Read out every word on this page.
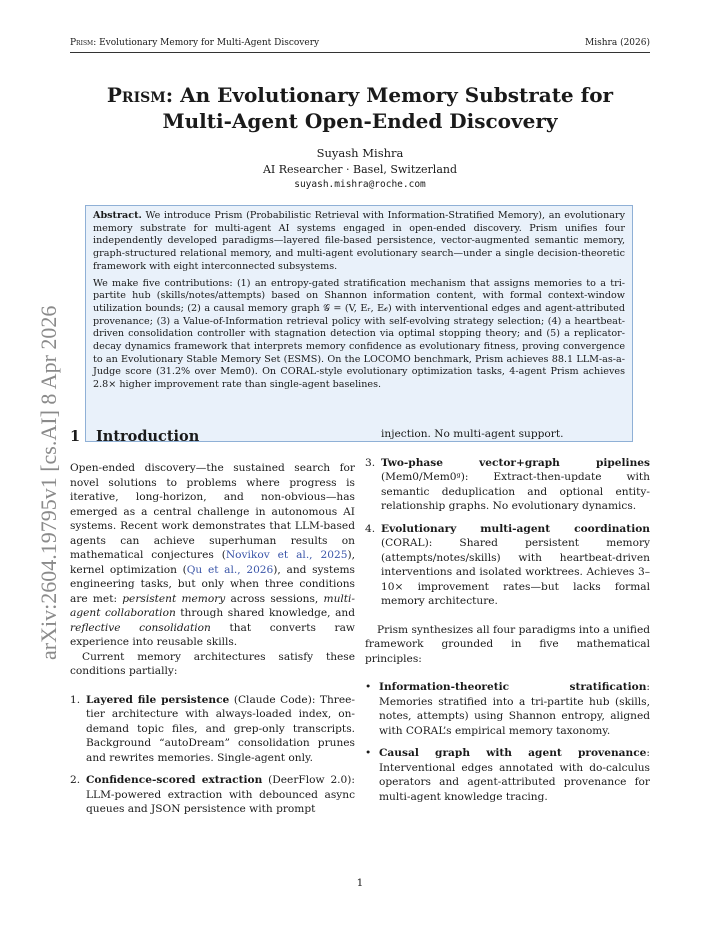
Prism: Evolutionary Memory for Multi-Agent Discovery	Mishra (2026)
Prism: An Evolutionary Memory Substrate for
Multi-Agent Open-Ended Discovery
Suyash Mishra
AI Researcher · Basel, Switzerland
suyash.mishra@roche.com

Abstract. We introduce Prism (Probabilistic Retrieval with Information-Stratified Memory), an evolutionary memory substrate for multi-agent AI systems engaged in open-ended discovery. Prism unifies four independently developed paradigms—layered file-based persistence, vector-augmented semantic memory, graph-structured relational memory, and multi-agent evolutionary search—under a single decision-theoretic framework with eight interconnected subsystems.

We make five contributions: (1) an entropy-gated stratification mechanism that assigns memories to a tri-partite hub (skills/notes/attempts) based on Shannon information content, with formal context-window utilization bounds; (2) a causal memory graph 𝒢 = (V, Eᵣ, E𝒸) with interventional edges and agent-attributed provenance; (3) a Value-of-Information retrieval policy with self-evolving strategy selection; (4) a heartbeat-driven consolidation controller with stagnation detection via optimal stopping theory; and (5) a replicator-decay dynamics framework that interprets memory confidence as evolutionary fitness, proving convergence to an Evolutionary Stable Memory Set (ESMS). On the LOCOMO benchmark, Prism achieves 88.1 LLM-as-a-Judge score (31.2% over Mem0). On CORAL-style evolutionary optimization tasks, 4-agent Prism achieves 2.8× higher improvement rate than single-agent baselines.

1 Introduction

Open-ended discovery—the sustained search for novel solutions to problems where progress is iterative, long-horizon, and non-obvious—has emerged as a central challenge in autonomous AI systems. Recent work demonstrates that LLM-based agents can achieve superhuman results on mathematical conjectures (Novikov et al., 2025), kernel optimization (Qu et al., 2026), and systems engineering tasks, but only when three conditions are met: persistent memory across sessions, multi-agent collaboration through shared knowledge, and reflective consolidation that converts raw experience into reusable skills.

Current memory architectures satisfy these conditions partially:

1. Layered file persistence (Claude Code): Three-tier architecture with always-loaded index, on-demand topic files, and grep-only transcripts. Background “autoDream” consolidation prunes and rewrites memories. Single-agent only.
2. Confidence-scored extraction (DeerFlow 2.0): LLM-powered extraction with debounced async queues and JSON persistence with prompt

injection. No multi-agent support.

3. Two-phase vector+graph pipelines (Mem0/Mem0ᵍ): Extract-then-update with semantic deduplication and optional entity-relationship graphs. No evolutionary dynamics.
4. Evolutionary multi-agent coordination (CORAL): Shared persistent memory (attempts/notes/skills) with heartbeat-driven interventions and isolated worktrees. Achieves 3–10× improvement rates—but lacks formal memory architecture.

Prism synthesizes all four paradigms into a unified framework grounded in five mathematical principles:

• Information-theoretic stratification: Memories stratified into a tri-partite hub (skills, notes, attempts) using Shannon entropy, aligned with CORAL’s empirical memory taxonomy.
• Causal graph with agent provenance: Interventional edges annotated with do-calculus operators and agent-attributed provenance for multi-agent knowledge tracing.
1
arXiv:2604.19795v1 [cs.AI] 8 Apr 2026
